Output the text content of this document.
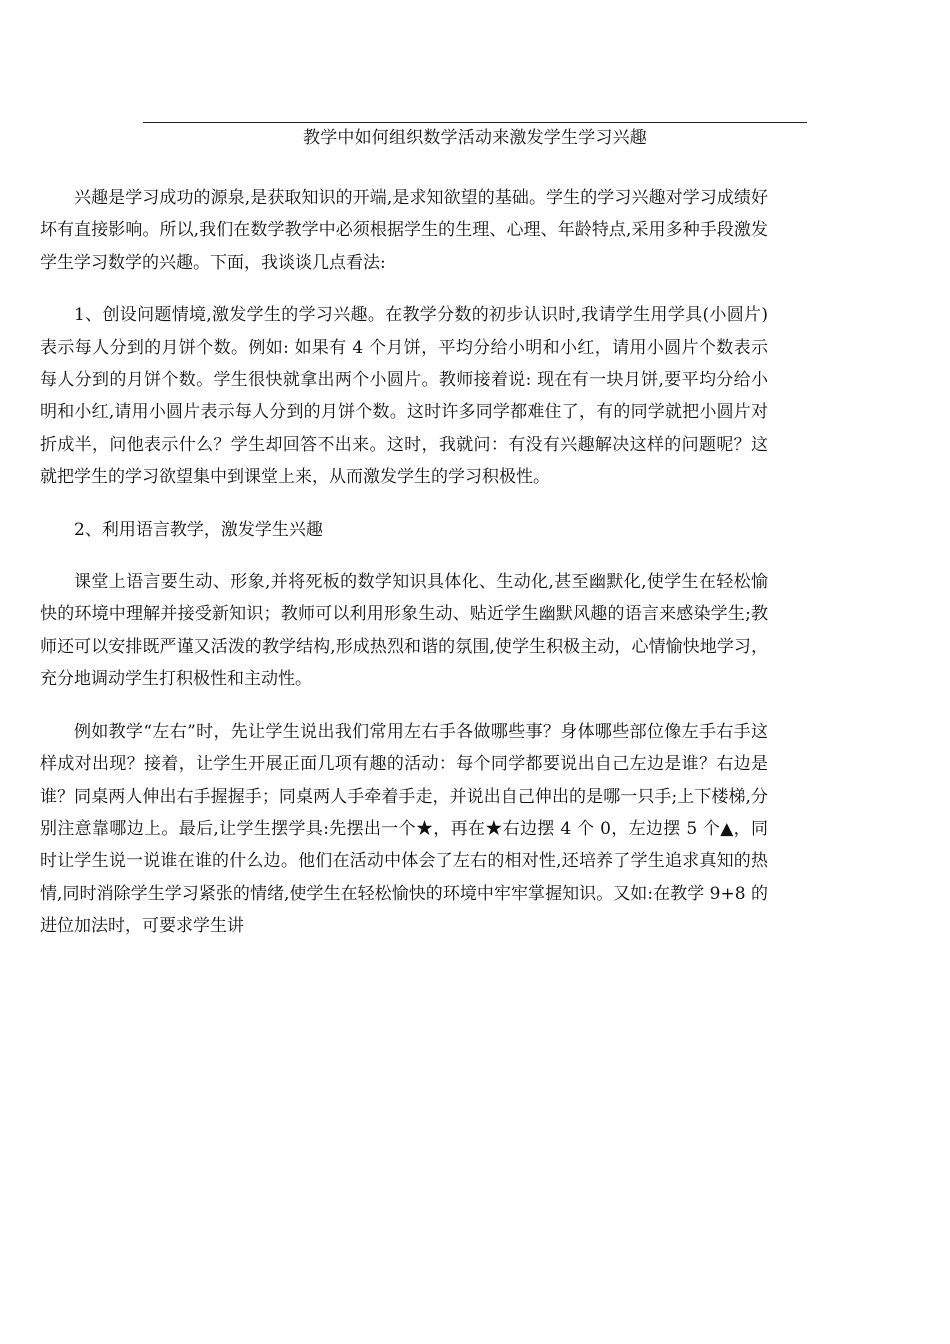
教学中如何组织数学活动来激发学生学习兴趣

兴趣是学习成功的源泉,是获取知识的开端,是求知欲望的基础。学生的学习兴趣对学习成绩好坏有直接影响。所以,我们在数学教学中必须根据学生的生理、心理、年龄特点,采用多种手段激发学生学习数学的兴趣。下面，我谈谈几点看法:

1、创设问题情境,激发学生的学习兴趣。在教学分数的初步认识时,我请学生用学具(小圆片)表示每人分到的月饼个数。例如: 如果有 4 个月饼，平均分给小明和小红，请用小圆片个数表示每人分到的月饼个数。学生很快就拿出两个小圆片。教师接着说: 现在有一块月饼,要平均分给小明和小红,请用小圆片表示每人分到的月饼个数。这时许多同学都难住了，有的同学就把小圆片对折成半，问他表示什么？学生却回答不出来。这时，我就问：有没有兴趣解决这样的问题呢？这就把学生的学习欲望集中到课堂上来，从而激发学生的学习积极性。

2、利用语言教学，激发学生兴趣

课堂上语言要生动、形象,并将死板的数学知识具体化、生动化,甚至幽默化,使学生在轻松愉快的环境中理解并接受新知识；教师可以利用形象生动、贴近学生幽默风趣的语言来感染学生;教师还可以安排既严谨又活泼的教学结构,形成热烈和谐的氛围,使学生积极主动，心情愉快地学习，充分地调动学生打积极性和主动性。

例如教学“左右”时，先让学生说出我们常用左右手各做哪些事？身体哪些部位像左手右手这样成对出现？接着，让学生开展正面几项有趣的活动：每个同学都要说出自己左边是谁？右边是谁？同桌两人伸出右手握握手；同桌两人手牵着手走，并说出自己伸出的是哪一只手;上下楼梯,分别注意靠哪边上。最后,让学生摆学具:先摆出一个★，再在★右边摆 4 个 0，左边摆 5 个▲，同时让学生说一说谁在谁的什么边。他们在活动中体会了左右的相对性,还培养了学生追求真知的热情,同时消除学生学习紧张的情绪,使学生在轻松愉快的环境中牢牢掌握知识。又如:在教学 9+8 的进位加法时，可要求学生讲
